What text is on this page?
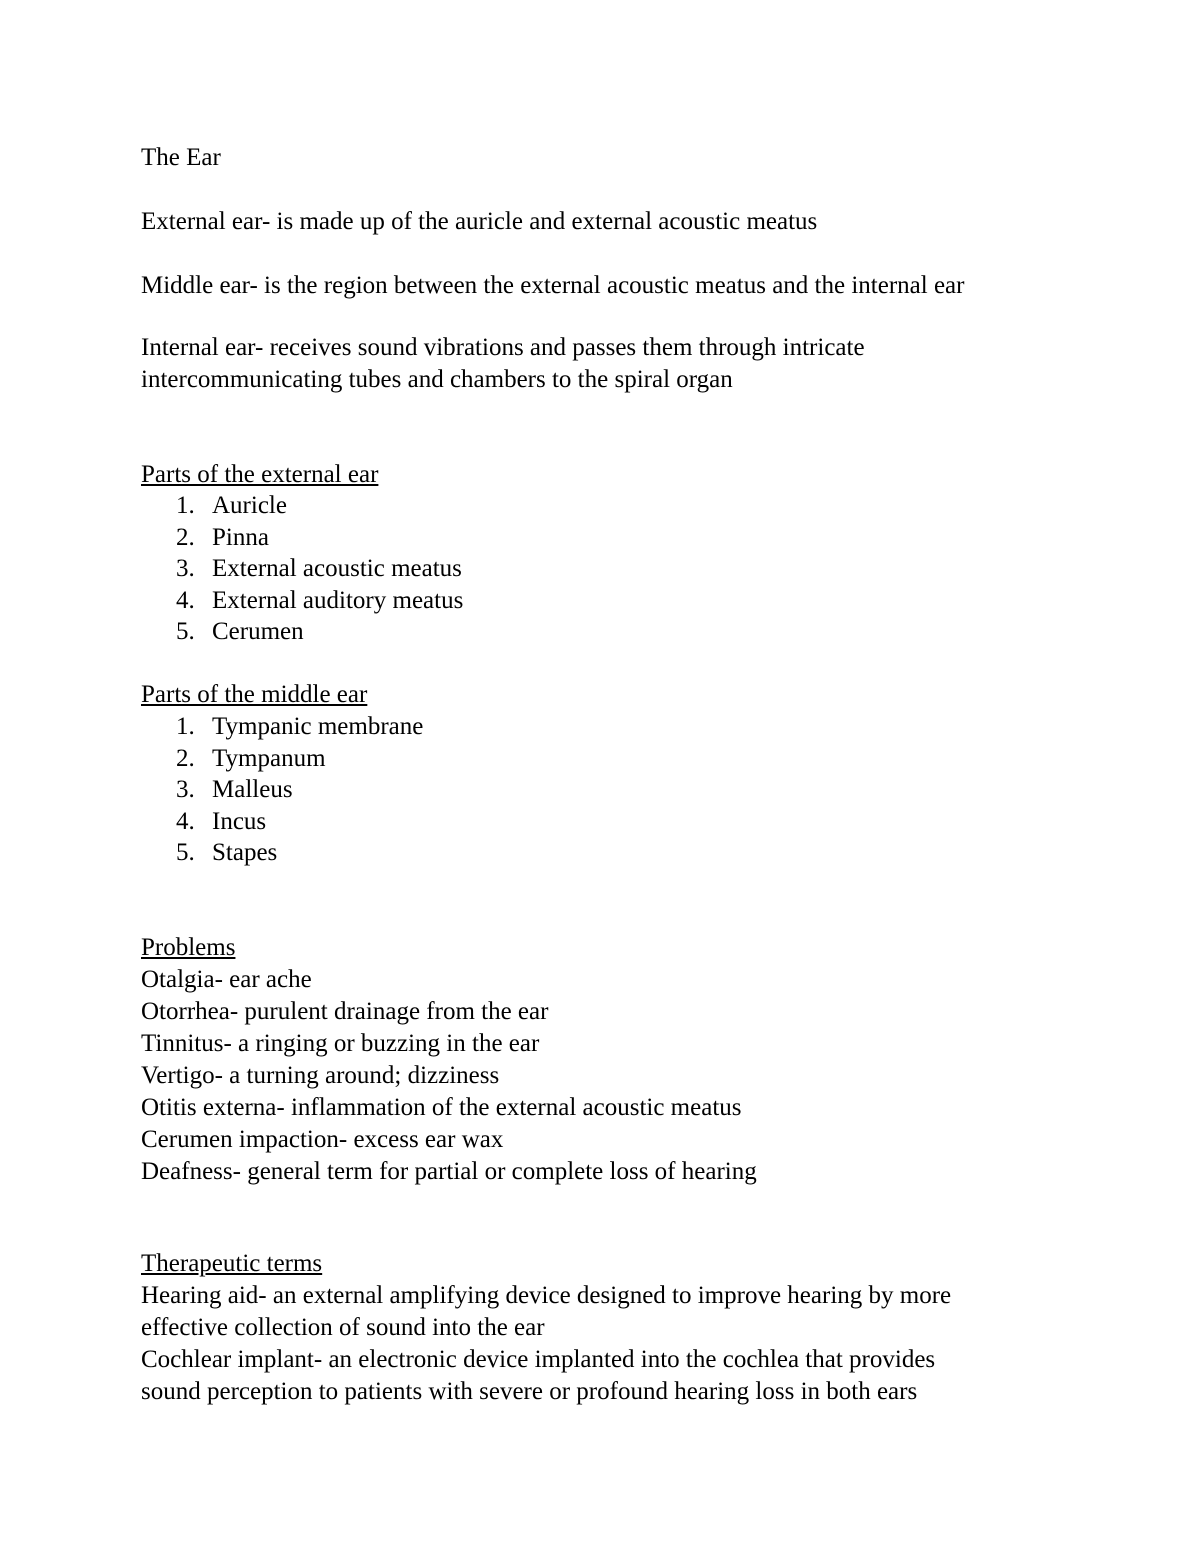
The Ear
External ear- is made up of the auricle and external acoustic meatus
Middle ear- is the region between the external acoustic meatus and the internal ear
Internal ear- receives sound vibrations and passes them through intricate
intercommunicating tubes and chambers to the spiral organ
Parts of the external ear
1. Auricle
2. Pinna
3. External acoustic meatus
4. External auditory meatus
5. Cerumen
Parts of the middle ear
1. Tympanic membrane
2. Tympanum
3. Malleus
4. Incus
5. Stapes
Problems
Otalgia- ear ache
Otorrhea- purulent drainage from the ear
Tinnitus- a ringing or buzzing in the ear
Vertigo- a turning around; dizziness
Otitis externa- inflammation of the external acoustic meatus
Cerumen impaction- excess ear wax
Deafness- general term for partial or complete loss of hearing
Therapeutic terms
Hearing aid- an external amplifying device designed to improve hearing by more
effective collection of sound into the ear
Cochlear implant- an electronic device implanted into the cochlea that provides
sound perception to patients with severe or profound hearing loss in both ears
